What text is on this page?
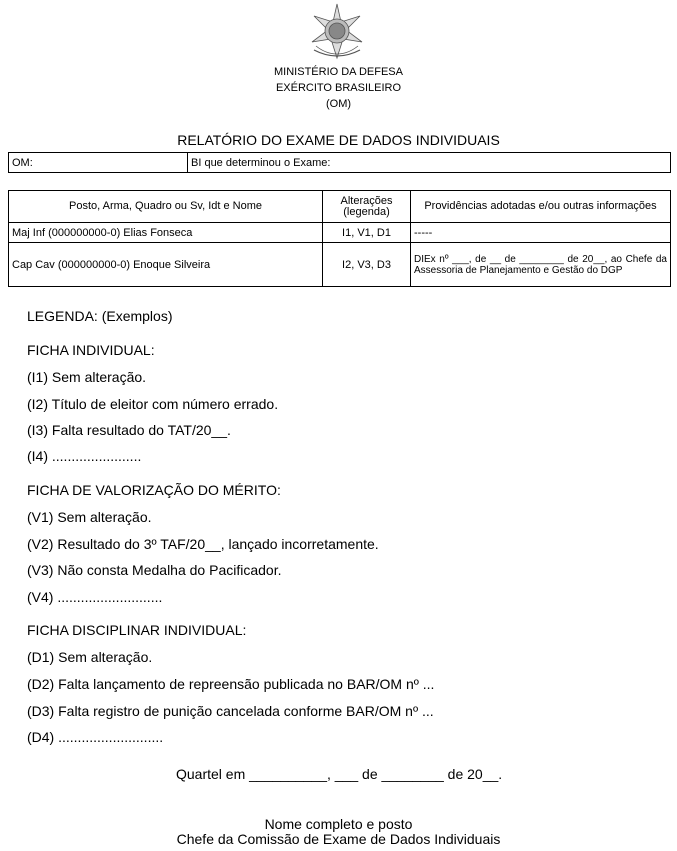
MINISTÉRIO DA DEFESA
EXÉRCITO BRASILEIRO
(OM)
RELATÓRIO DO EXAME DE DADOS INDIVIDUAIS
OM:	BI que determinou o Exame:
Posto, Arma, Quadro ou Sv, Idt e Nome	Alterações (legenda)	Providências adotadas e/ou outras informações
Maj Inf (000000000-0) Elias Fonseca	I1, V1, D1	-----
Cap Cav (000000000-0) Enoque Silveira	I2, V3, D3	DIEx nº ___, de __ de ________ de 20__, ao Chefe da Assessoria de Planejamento e Gestão do DGP
LEGENDA: (Exemplos)
FICHA INDIVIDUAL:
(I1) Sem alteração.
(I2) Título de eleitor com número errado.
(I3) Falta resultado do TAT/20__.
(I4) .......................
FICHA DE VALORIZAÇÃO DO MÉRITO:
(V1) Sem alteração.
(V2) Resultado do 3º TAF/20__, lançado incorretamente.
(V3) Não consta Medalha do Pacificador.
(V4) ...........................
FICHA DISCIPLINAR INDIVIDUAL:
(D1) Sem alteração.
(D2) Falta lançamento de repreensão publicada no BAR/OM nº ...
(D3) Falta registro de punição cancelada conforme BAR/OM nº ...
(D4) ...........................
Quartel em __________, ___ de ________ de 20__.
Nome completo e posto
Chefe da Comissão de Exame de Dados Individuais
